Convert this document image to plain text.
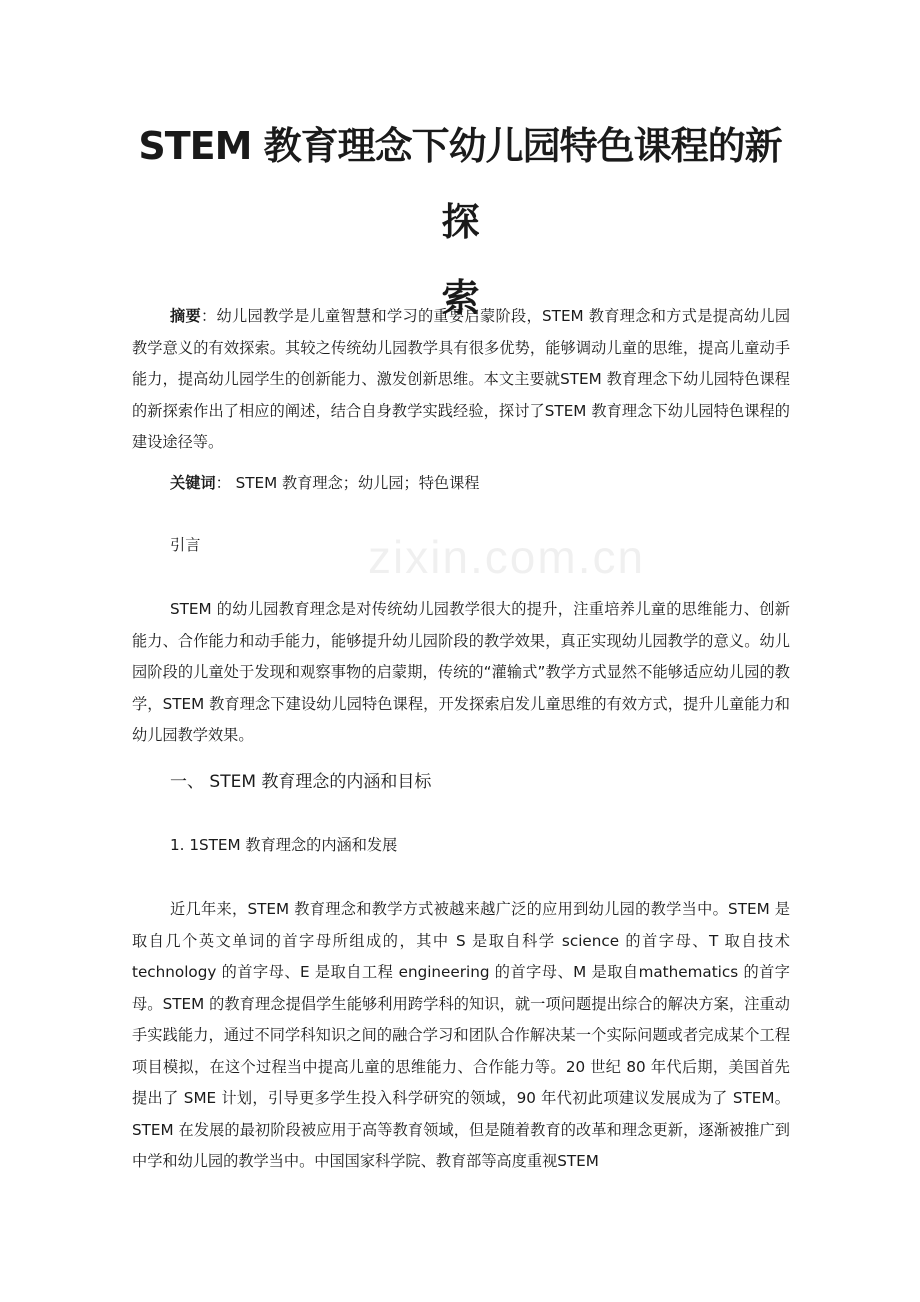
STEM 教育理念下幼儿园特色课程的新探
索

摘要：幼儿园教学是儿童智慧和学习的重要启蒙阶段，STEM 教育理念和方式是提高幼儿园教学意义的有效探索。其较之传统幼儿园教学具有很多优势，能够调动儿童的思维，提高儿童动手能力，提高幼儿园学生的创新能力、激发创新思维。本文主要就STEM 教育理念下幼儿园特色课程的新探索作出了相应的阐述，结合自身教学实践经验，探讨了STEM 教育理念下幼儿园特色课程的建设途径等。

关键词： STEM 教育理念；幼儿园；特色课程

引言

STEM 的幼儿园教育理念是对传统幼儿园教学很大的提升，注重培养儿童的思维能力、创新能力、合作能力和动手能力，能够提升幼儿园阶段的教学效果，真正实现幼儿园教学的意义。幼儿园阶段的儿童处于发现和观察事物的启蒙期，传统的“灌输式”教学方式显然不能够适应幼儿园的教学，STEM 教育理念下建设幼儿园特色课程，开发探索启发儿童思维的有效方式，提升儿童能力和幼儿园教学效果。

一、 STEM 教育理念的内涵和目标

1. 1STEM 教育理念的内涵和发展

近几年来，STEM 教育理念和教学方式被越来越广泛的应用到幼儿园的教学当中。STEM 是取自几个英文单词的首字母所组成的，其中 S 是取自科学 science 的首字母、T 取自技术 technology 的首字母、E 是取自工程 engineering 的首字母、M 是取自mathematics 的首字母。STEM 的教育理念提倡学生能够利用跨学科的知识，就一项问题提出综合的解决方案，注重动手实践能力，通过不同学科知识之间的融合学习和团队合作解决某一个实际问题或者完成某个工程项目模拟，在这个过程当中提高儿童的思维能力、合作能力等。20 世纪 80 年代后期，美国首先提出了 SME 计划，引导更多学生投入科学研究的领域，90 年代初此项建议发展成为了 STEM。STEM 在发展的最初阶段被应用于高等教育领域，但是随着教育的改革和理念更新，逐渐被推广到中学和幼儿园的教学当中。中国国家科学院、教育部等高度重视STEM

zixin.com.cn
